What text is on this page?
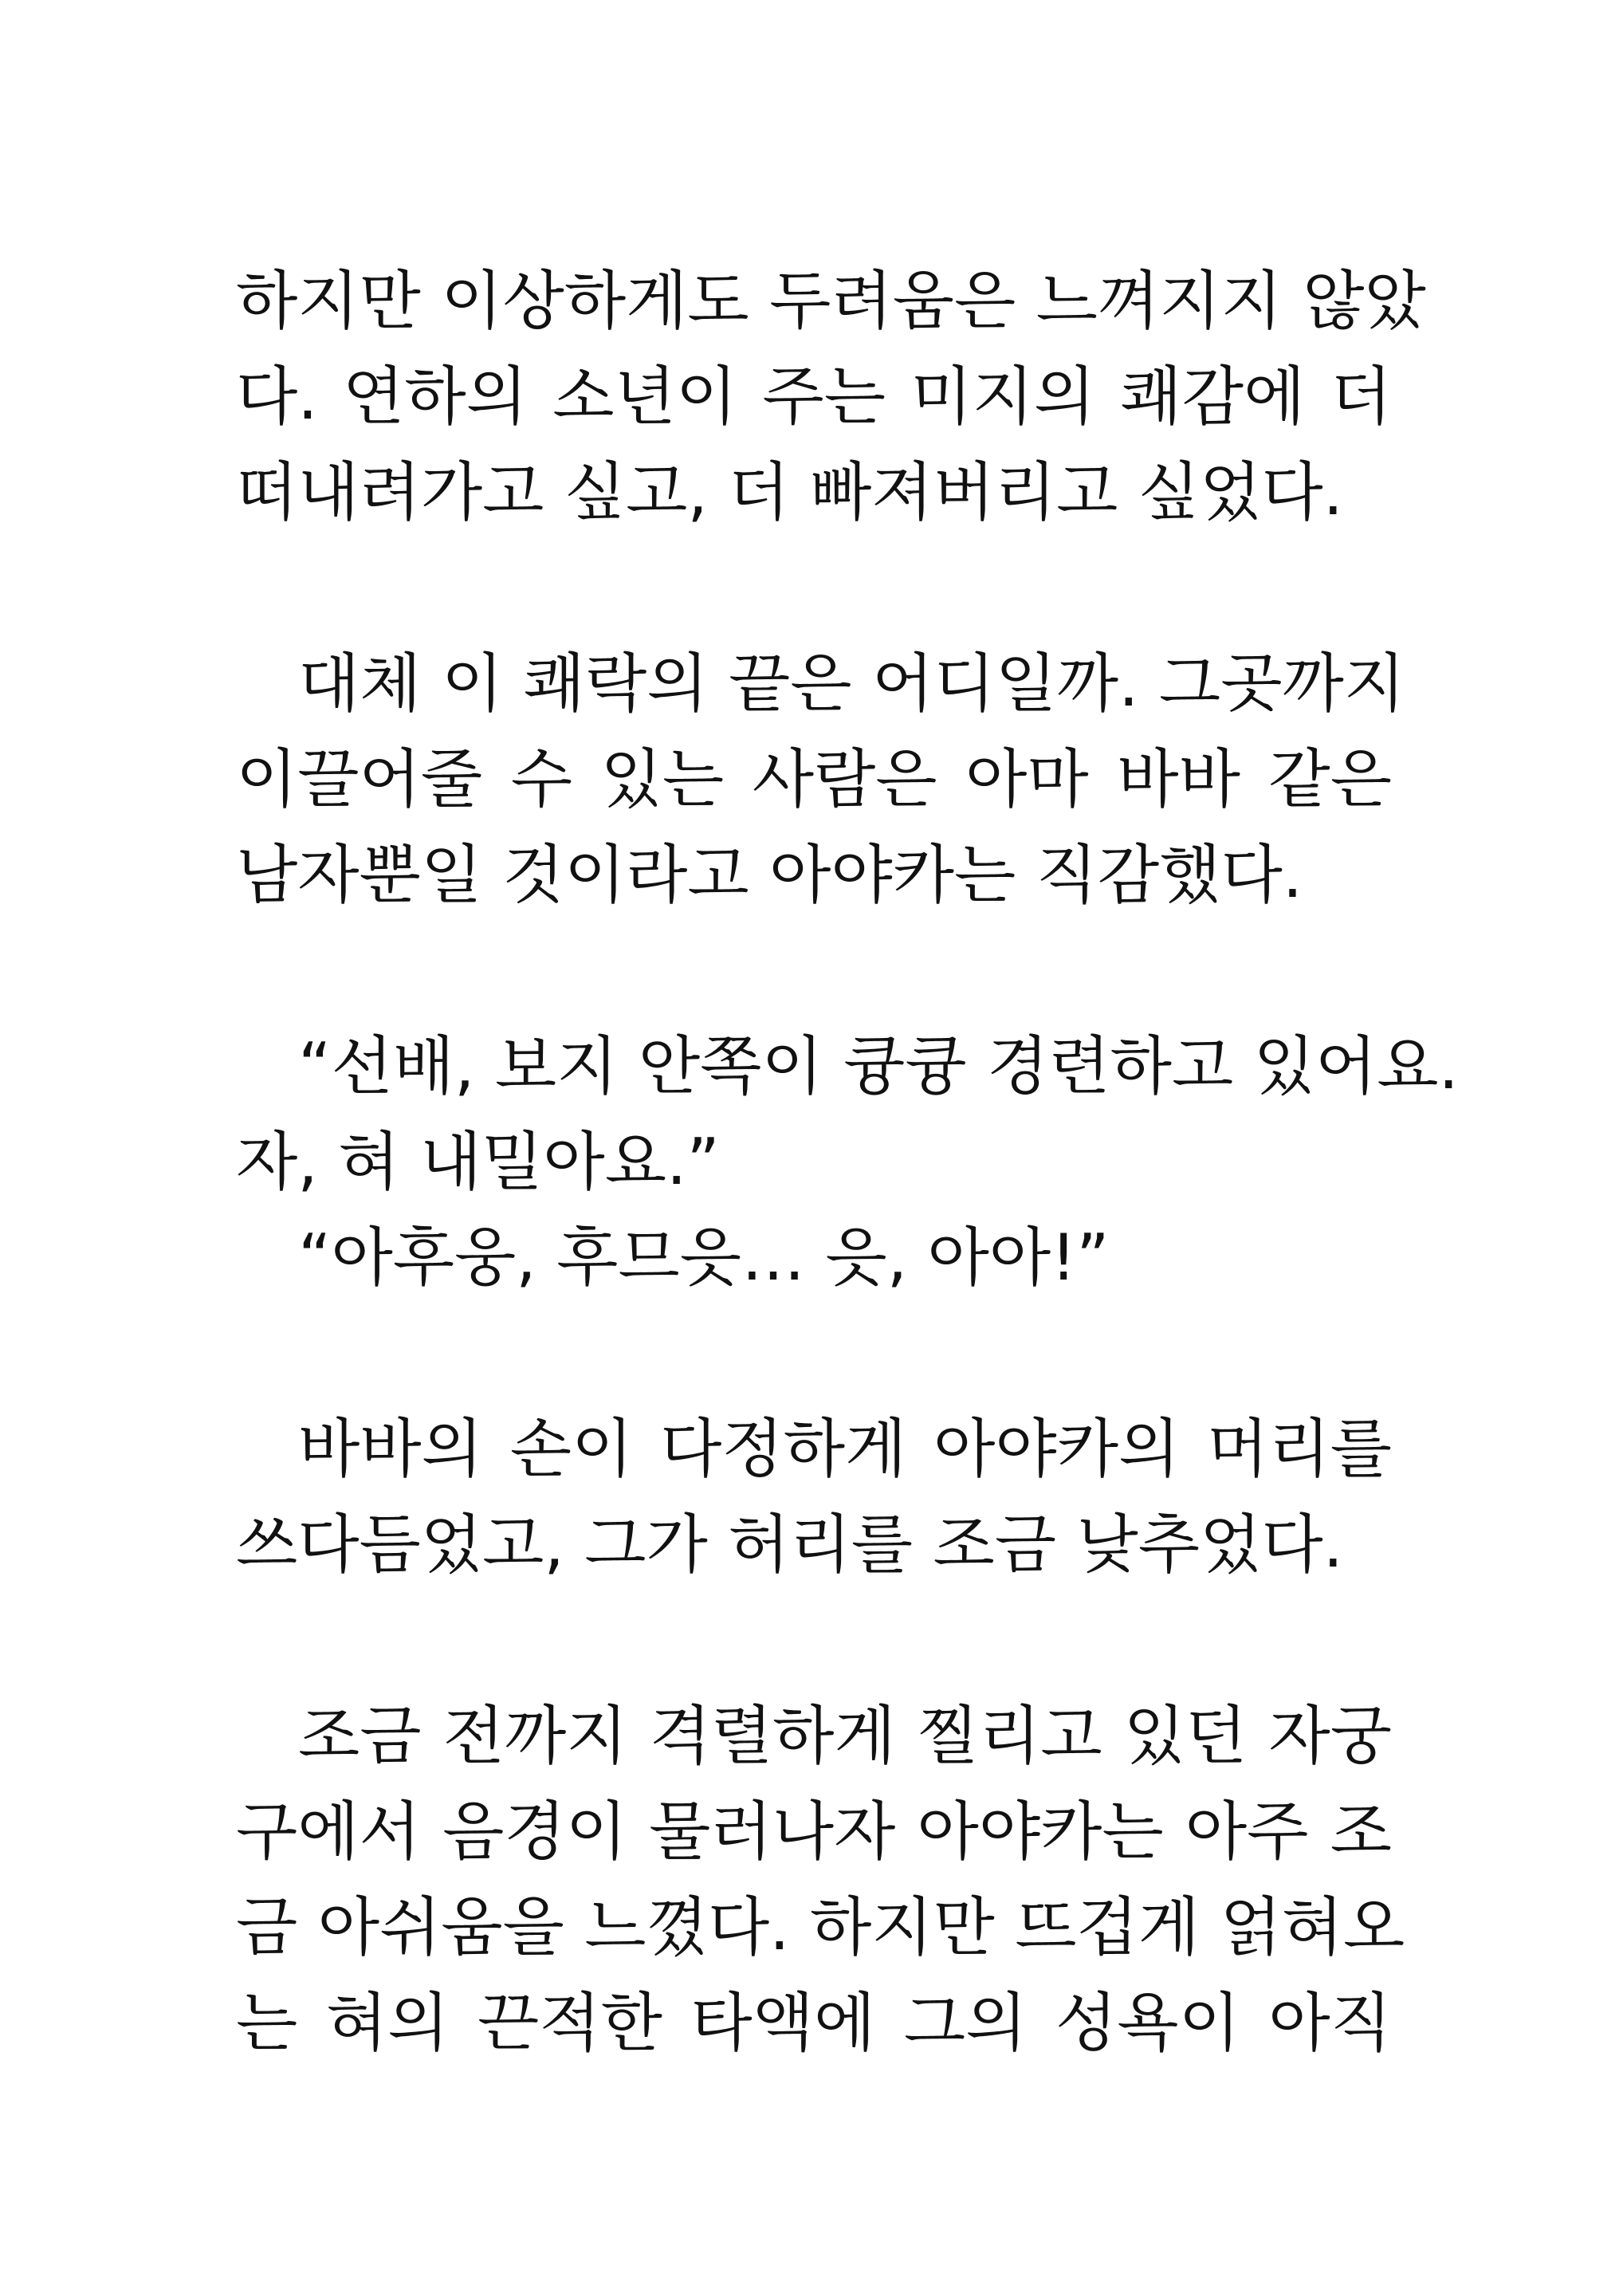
하지만 이상하게도 두려움은 느껴지지 않았
다. 연하의 소년이 주는 미지의 쾌감에 더
떠내려가고 싶고, 더 빠져버리고 싶었다.
대체 이 쾌락의 끝은 어디일까. 그곳까지
이끌어줄 수 있는 사람은 아마 바바 같은
남자뿐일 것이라고 아야카는 직감했다.
“선배, 보지 안쪽이 큥큥 경련하고 있어요.
자, 혀 내밀아요.”
“아후웅, 후므읏… 읏, 아아!”
바바의 손이 다정하게 아야카의 머리를
쓰다듬었고, 그가 허리를 조금 낮추었다.
조금 전까지 격렬하게 찔리고 있던 자궁
구에서 음경이 물러나자 아야카는 아주 조
금 아쉬움을 느꼈다. 하지만 뜨겁게 얽혀오
는 혀의 끈적한 타액에 그의 성욕이 아직
